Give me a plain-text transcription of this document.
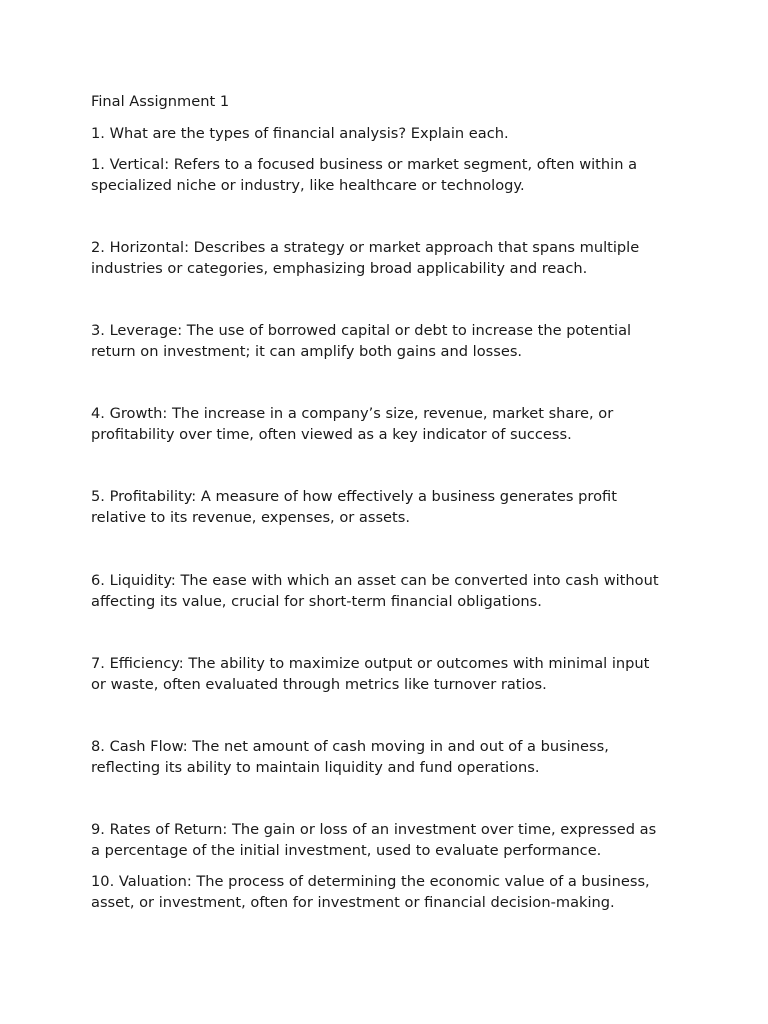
Final Assignment 1

1. What are the types of financial analysis? Explain each.

1. Vertical: Refers to a focused business or market segment, often within a
specialized niche or industry, like healthcare or technology.
2. Horizontal: Describes a strategy or market approach that spans multiple
industries or categories, emphasizing broad applicability and reach.
3. Leverage: The use of borrowed capital or debt to increase the potential
return on investment; it can amplify both gains and losses.
4. Growth: The increase in a company’s size, revenue, market share, or
profitability over time, often viewed as a key indicator of success.
5. Profitability: A measure of how effectively a business generates profit
relative to its revenue, expenses, or assets.
6. Liquidity: The ease with which an asset can be converted into cash without
affecting its value, crucial for short-term financial obligations.
7. Efficiency: The ability to maximize output or outcomes with minimal input
or waste, often evaluated through metrics like turnover ratios.
8. Cash Flow: The net amount of cash moving in and out of a business,
reflecting its ability to maintain liquidity and fund operations.
9. Rates of Return: The gain or loss of an investment over time, expressed as
a percentage of the initial investment, used to evaluate performance.
10. Valuation: The process of determining the economic value of a business,
asset, or investment, often for investment or financial decision-making.
